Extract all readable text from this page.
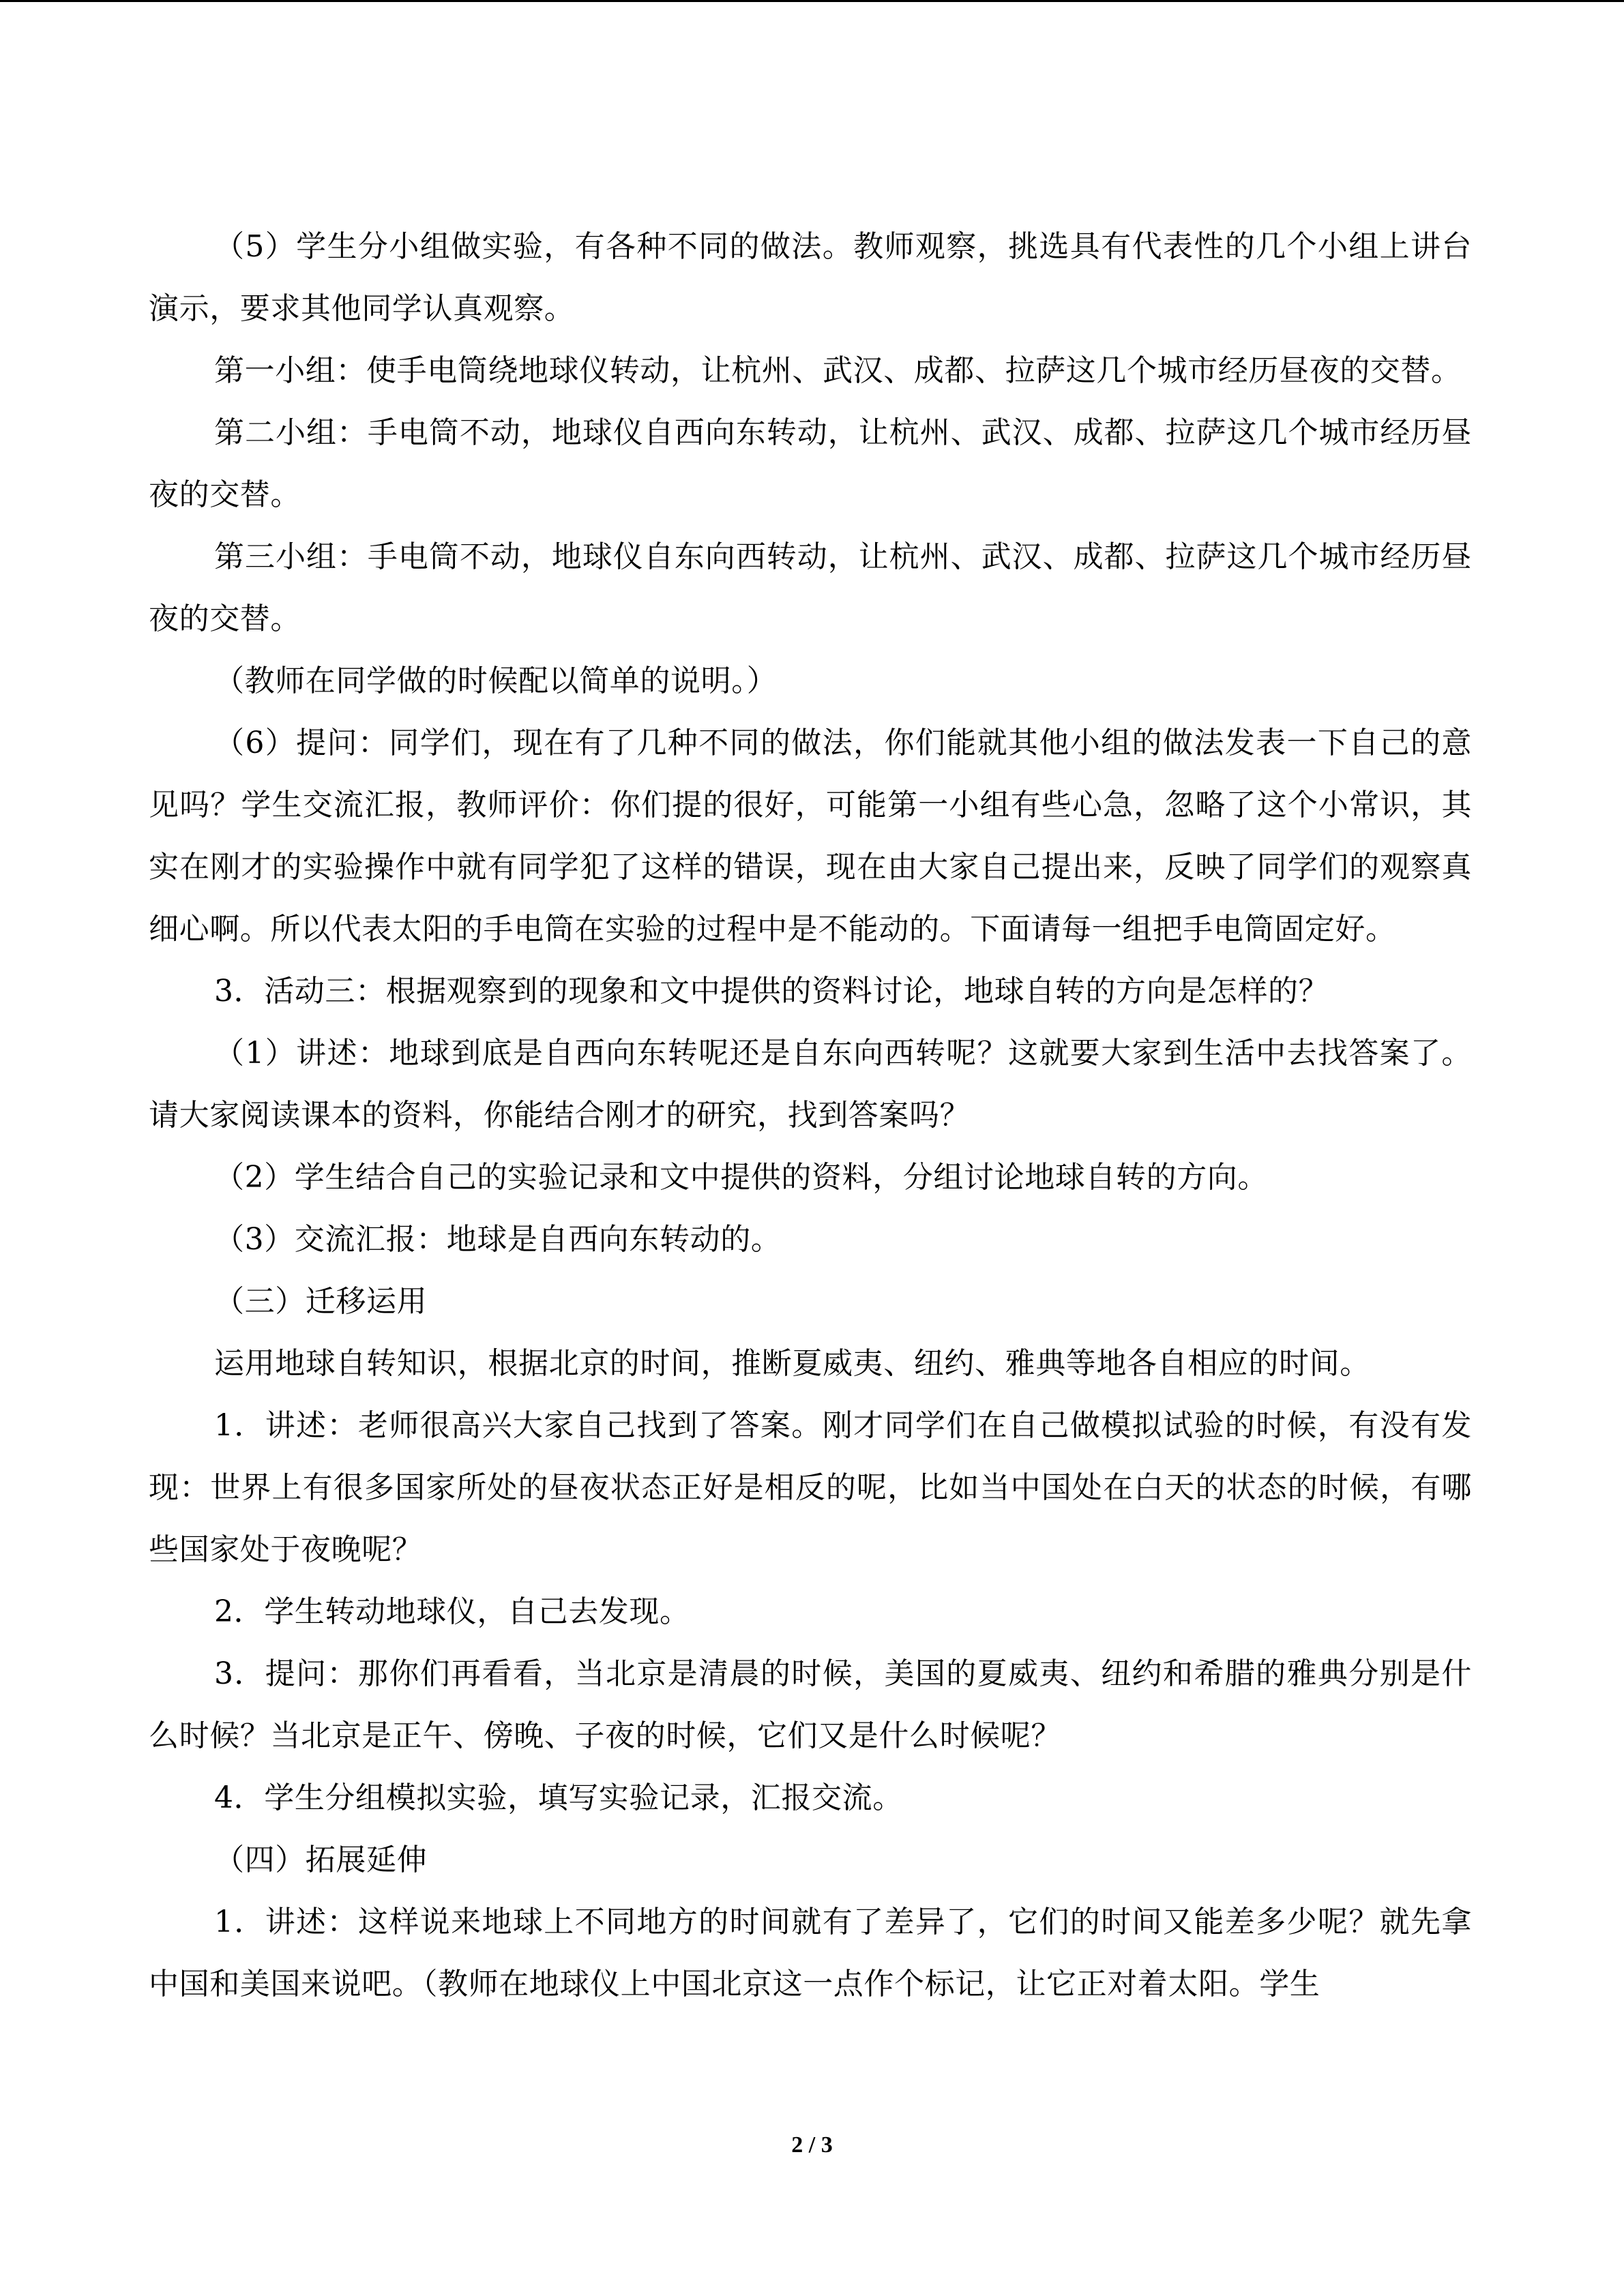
（5）学生分小组做实验，有各种不同的做法。教师观察，挑选具有代表性的几个小组上讲台演示，要求其他同学认真观察。

第一小组：使手电筒绕地球仪转动，让杭州、武汉、成都、拉萨这几个城市经历昼夜的交替。

第二小组：手电筒不动，地球仪自西向东转动，让杭州、武汉、成都、拉萨这几个城市经历昼夜的交替。

第三小组：手电筒不动，地球仪自东向西转动，让杭州、武汉、成都、拉萨这几个城市经历昼夜的交替。

（教师在同学做的时候配以简单的说明。）

（6）提问：同学们，现在有了几种不同的做法，你们能就其他小组的做法发表一下自己的意见吗？学生交流汇报，教师评价：你们提的很好，可能第一小组有些心急，忽略了这个小常识，其实在刚才的实验操作中就有同学犯了这样的错误，现在由大家自己提出来，反映了同学们的观察真细心啊。所以代表太阳的手电筒在实验的过程中是不能动的。下面请每一组把手电筒固定好。

3．活动三：根据观察到的现象和文中提供的资料讨论，地球自转的方向是怎样的？

（1）讲述：地球到底是自西向东转呢还是自东向西转呢？这就要大家到生活中去找答案了。请大家阅读课本的资料，你能结合刚才的研究，找到答案吗？

（2）学生结合自己的实验记录和文中提供的资料，分组讨论地球自转的方向。

（3）交流汇报：地球是自西向东转动的。

（三）迁移运用

运用地球自转知识，根据北京的时间，推断夏威夷、纽约、雅典等地各自相应的时间。

1．讲述：老师很高兴大家自己找到了答案。刚才同学们在自己做模拟试验的时候，有没有发现：世界上有很多国家所处的昼夜状态正好是相反的呢，比如当中国处在白天的状态的时候，有哪些国家处于夜晚呢？

2．学生转动地球仪，自己去发现。

3．提问：那你们再看看，当北京是清晨的时候，美国的夏威夷、纽约和希腊的雅典分别是什么时候？当北京是正午、傍晚、子夜的时候，它们又是什么时候呢？

4．学生分组模拟实验，填写实验记录，汇报交流。

（四）拓展延伸

1．讲述：这样说来地球上不同地方的时间就有了差异了，它们的时间又能差多少呢？就先拿中国和美国来说吧。（教师在地球仪上中国北京这一点作个标记，让它正对着太阳。学生

2 / 3
